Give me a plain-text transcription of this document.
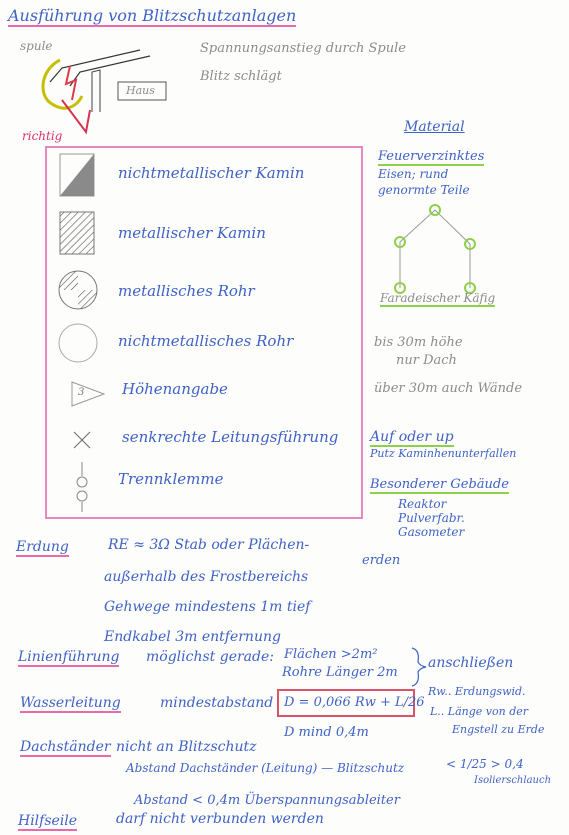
Ausführung von Blitzschutzanlagen
spule
Haus
richtig
Spannungsanstieg durch Spule
Blitz schlägt
3
nichtmetallischer Kamin
metallischer Kamin
metallisches Rohr
nichtmetallisches Rohr
Höhenangabe
senkrechte Leitungsführung
Trennklemme
Material
Feuerverzinktes
Eisen; rund
genormte Teile
Faradeischer Käfig
bis 30m höhe
nur Dach
über 30m auch Wände
Auf oder up
Putz Kaminhenunterfallen
Besonderer Gebäude
Reaktor
Pulverfabr.
Gasometer
Erdung	RE ≈ 3Ω Stab oder Plächen-
erden
außerhalb des Frostbereichs
Gehwege mindestens 1m tief
Endkabel 3m entfernung
Linienführung möglichst gerade: Flächen >2m²
Rohre Länger 2m
anschließen
Wasserleitung	mindestabstand D = 0,066 Rw + L/26
D mind 0,4m
Rw.. Erdungswid.
L.. Länge von der
Engstell zu Erde
Dachständer nicht an Blitzschutz
Abstand Dachständer (Leitung) — Blitzschutz	< 1/25 > 0,4
Isolierschlauch
Abstand < 0,4m Überspannungsableiter
Hilfseile	darf nicht verbunden werden
